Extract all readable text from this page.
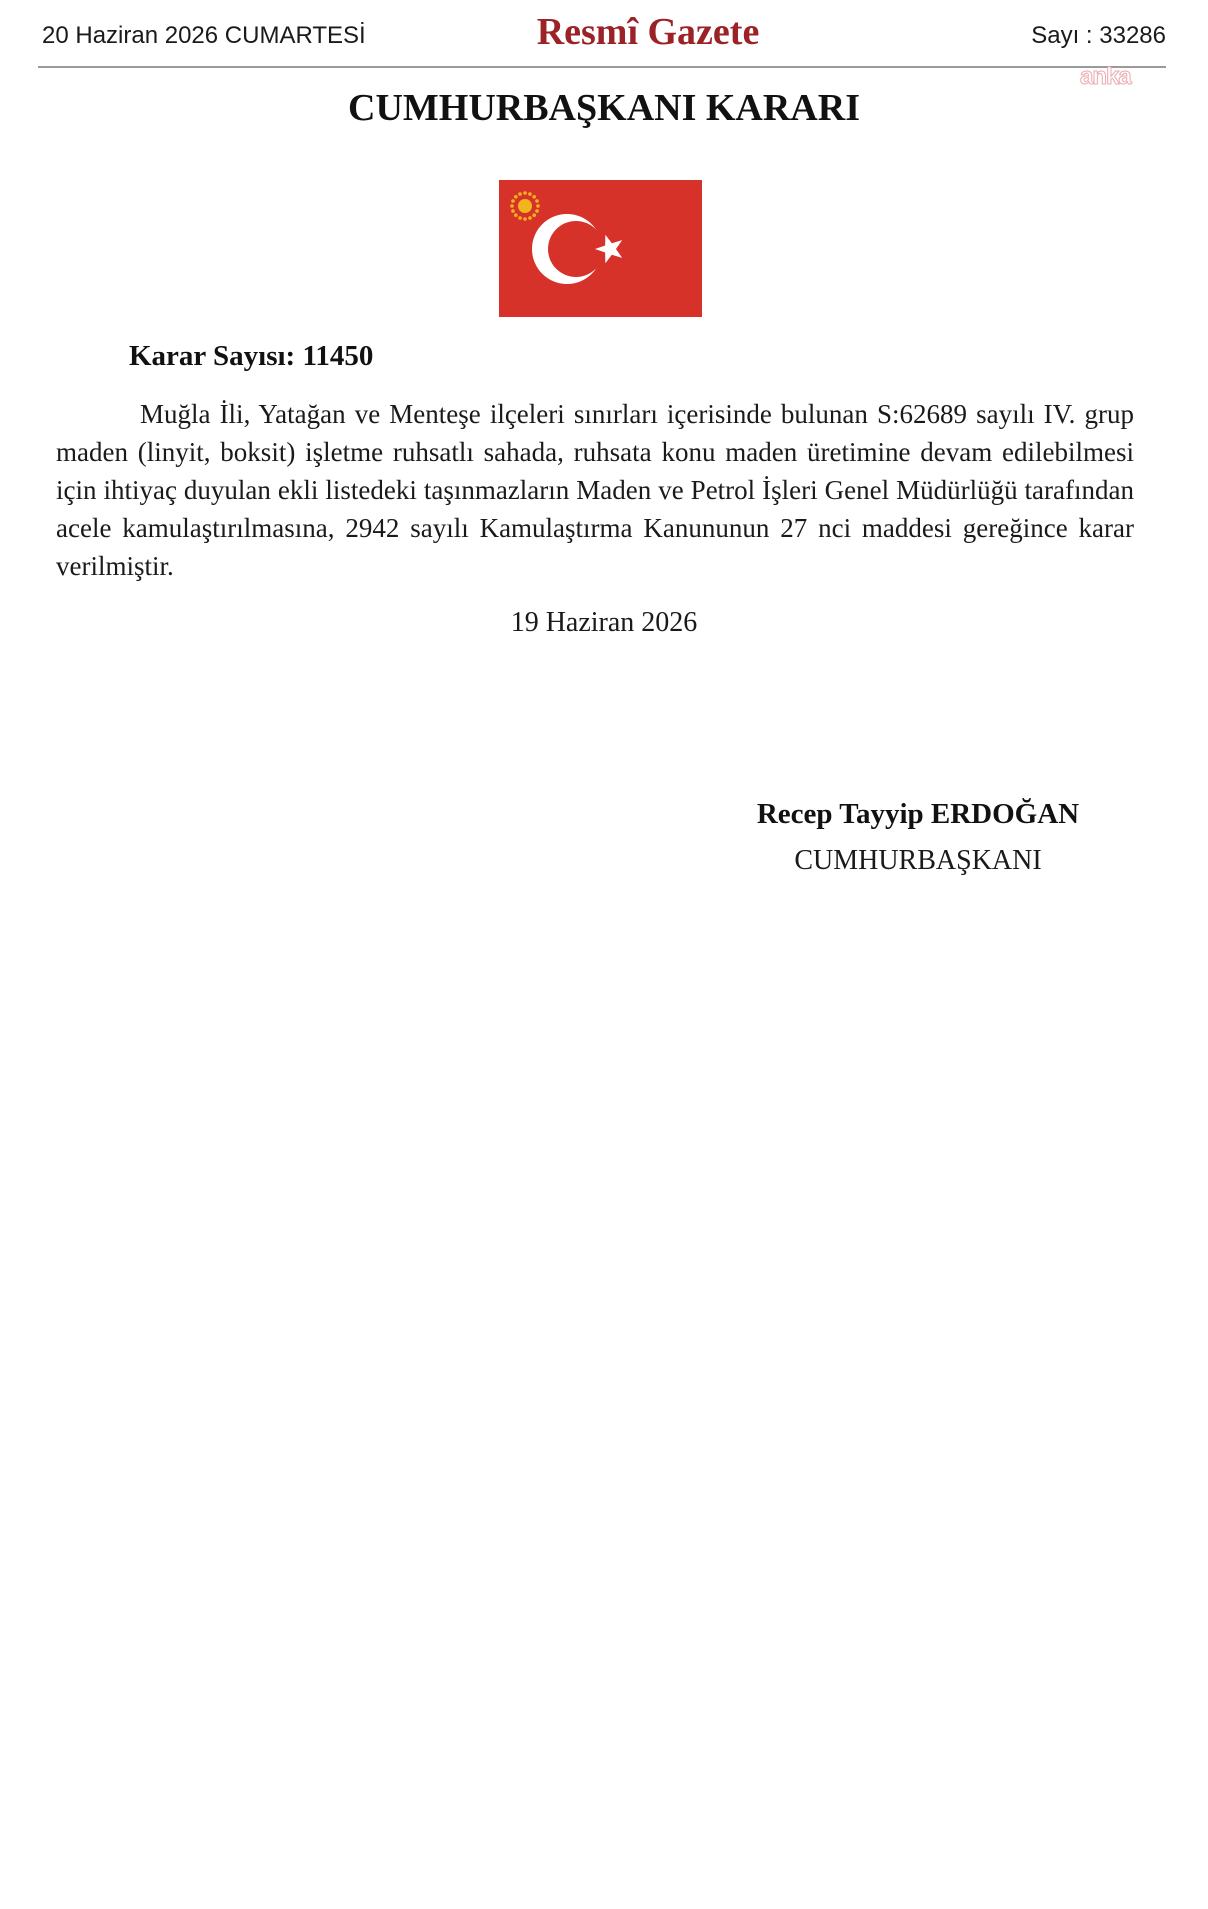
20 Haziran 2026 CUMARTESİ	Resmî Gazete	Sayı : 33286
anka
CUMHURBAŞKANI KARARI
Karar Sayısı: 11450

Muğla İli, Yatağan ve Menteşe ilçeleri sınırları içerisinde bulunan S:62689 sayılı IV. grup maden (linyit, boksit) işletme ruhsatlı sahada, ruhsata konu maden üretimine devam edilebilmesi için ihtiyaç duyulan ekli listedeki taşınmazların Maden ve Petrol İşleri Genel Müdürlüğü tarafından acele kamulaştırılmasına, 2942 sayılı Kamulaştırma Kanununun 27 nci maddesi gereğince karar verilmiştir.

19 Haziran 2026
Recep Tayyip ERDOĞAN
CUMHURBAŞKANI
